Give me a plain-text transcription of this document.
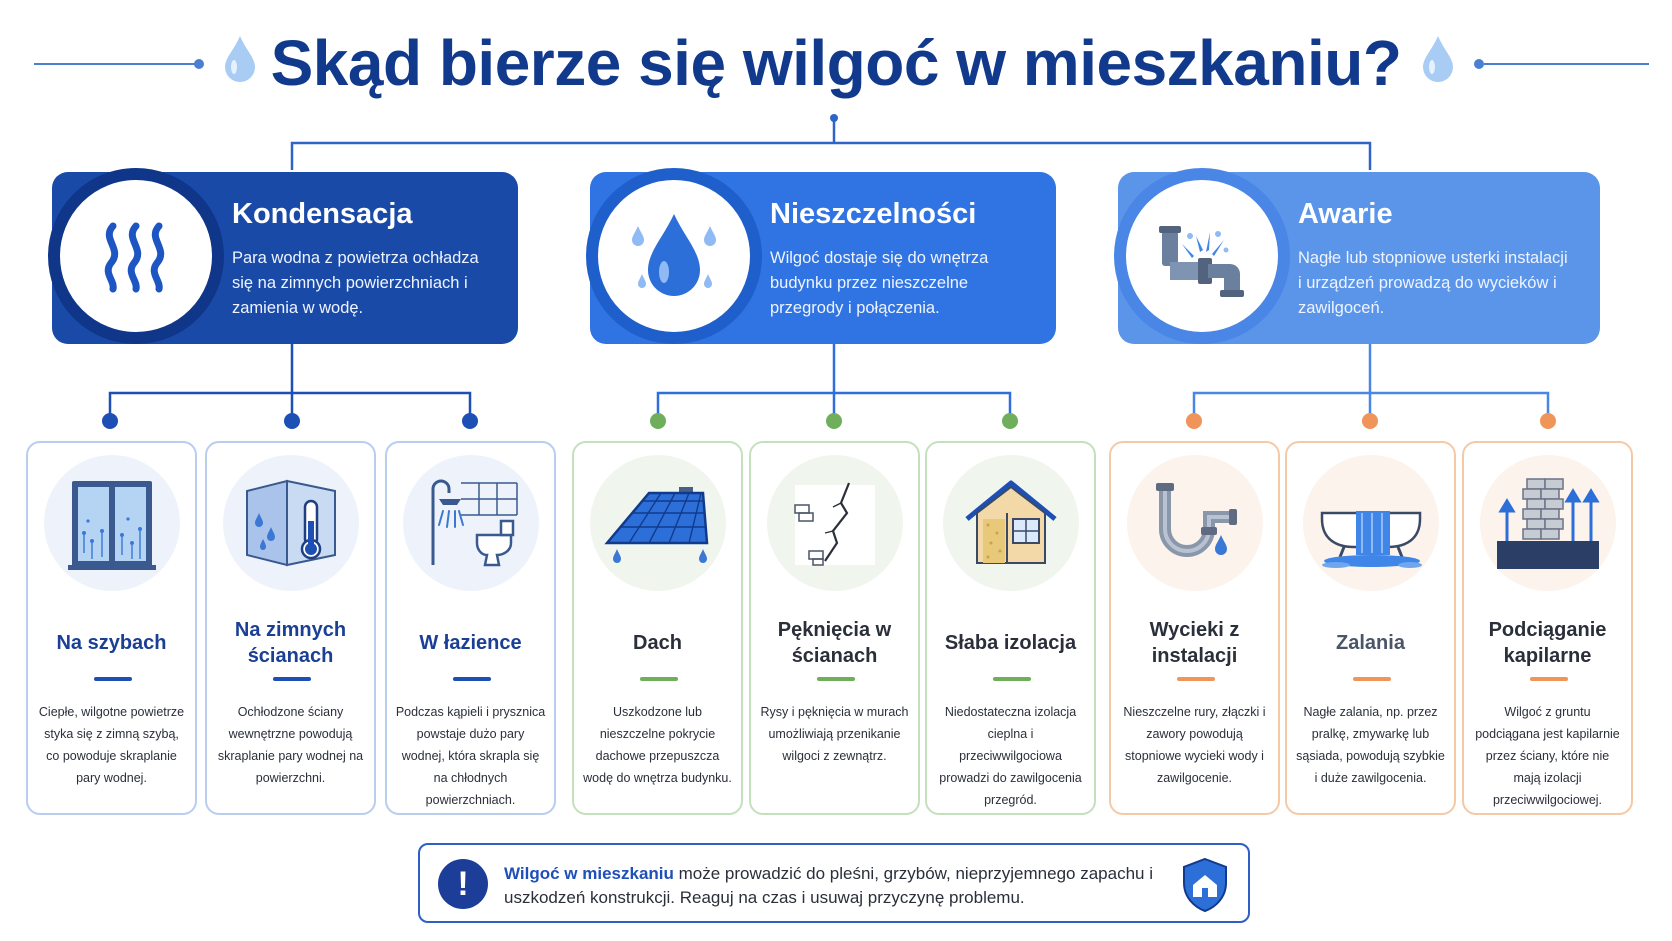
Skąd bierze się wilgoć w mieszkaniu?
Kondensacja
Para wodna z powietrza ochładza się na zimnych powierzchniach i zamienia w wodę.
Nieszczelności
Wilgoć dostaje się do wnętrza budynku przez nieszczelne przegrody i połączenia.
Awarie
Nagłe lub stopniowe usterki instalacji i urządzeń prowadzą do wycieków i zawilgoceń.
Na szybach
Ciepłe, wilgotne powietrze styka się z zimną szybą, co powoduje skraplanie pary wodnej.
Na zimnych ścianach
Ochłodzone ściany wewnętrzne powodują skraplanie pary wodnej na powierzchni.
W łazience
Podczas kąpieli i prysznica powstaje dużo pary wodnej, która skrapla się na chłodnych powierzchniach.
Dach
Uszkodzone lub nieszczelne pokrycie dachowe przepuszcza wodę do wnętrza budynku.
Pęknięcia w ścianach
Rysy i pęknięcia w murach umożliwiają przenikanie wilgoci z zewnątrz.
Słaba izolacja
Niedostateczna izolacja cieplna i przeciwwilgociowa prowadzi do zawilgocenia przegród.
Wycieki z instalacji
Nieszczelne rury, złączki i zawory powodują stopniowe wycieki wody i zawilgocenie.
Zalania
Nagłe zalania, np. przez pralkę, zmywarkę lub sąsiada, powodują szybkie i duże zawilgocenia.
Podciąganie kapilarne
Wilgoć z gruntu podciągana jest kapilarnie przez ściany, które nie mają izolacji przeciwwilgociowej.
!	Wilgoć w mieszkaniu może prowadzić do pleśni, grzybów, nieprzyjemnego zapachu i uszkodzeń konstrukcji. Reaguj na czas i usuwaj przyczynę problemu.
